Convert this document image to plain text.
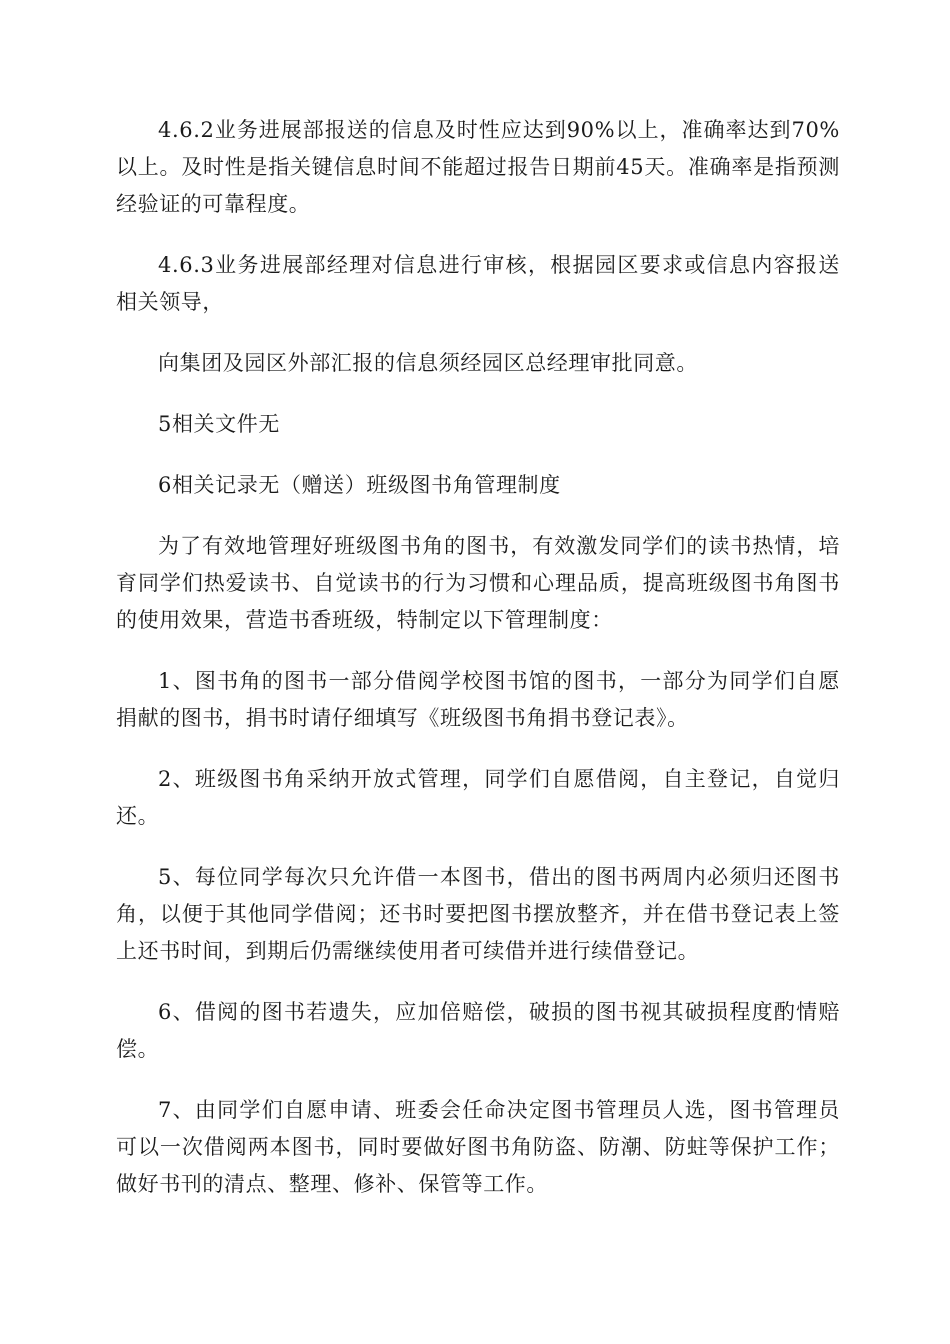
4.6.2业务进展部报送的信息及时性应达到90%以上，准确率达到70%以上。及时性是指关键信息时间不能超过报告日期前45天。准确率是指预测经验证的可靠程度。

4.6.3业务进展部经理对信息进行审核，根据园区要求或信息内容报送相关领导，

向集团及园区外部汇报的信息须经园区总经理审批同意。

5相关文件无

6相关记录无（赠送）班级图书角管理制度

为了有效地管理好班级图书角的图书，有效激发同学们的读书热情，培育同学们热爱读书、自觉读书的行为习惯和心理品质，提高班级图书角图书的使用效果，营造书香班级，特制定以下管理制度：

1、图书角的图书一部分借阅学校图书馆的图书，一部分为同学们自愿捐献的图书，捐书时请仔细填写《班级图书角捐书登记表》。

2、班级图书角采纳开放式管理，同学们自愿借阅，自主登记，自觉归还。

5、每位同学每次只允许借一本图书，借出的图书两周内必须归还图书角，以便于其他同学借阅；还书时要把图书摆放整齐，并在借书登记表上签上还书时间，到期后仍需继续使用者可续借并进行续借登记。

6、借阅的图书若遗失，应加倍赔偿，破损的图书视其破损程度酌情赔偿。

7、由同学们自愿申请、班委会任命决定图书管理员人选，图书管理员可以一次借阅两本图书，同时要做好图书角防盗、防潮、防蛀等保护工作；做好书刊的清点、整理、修补、保管等工作。
